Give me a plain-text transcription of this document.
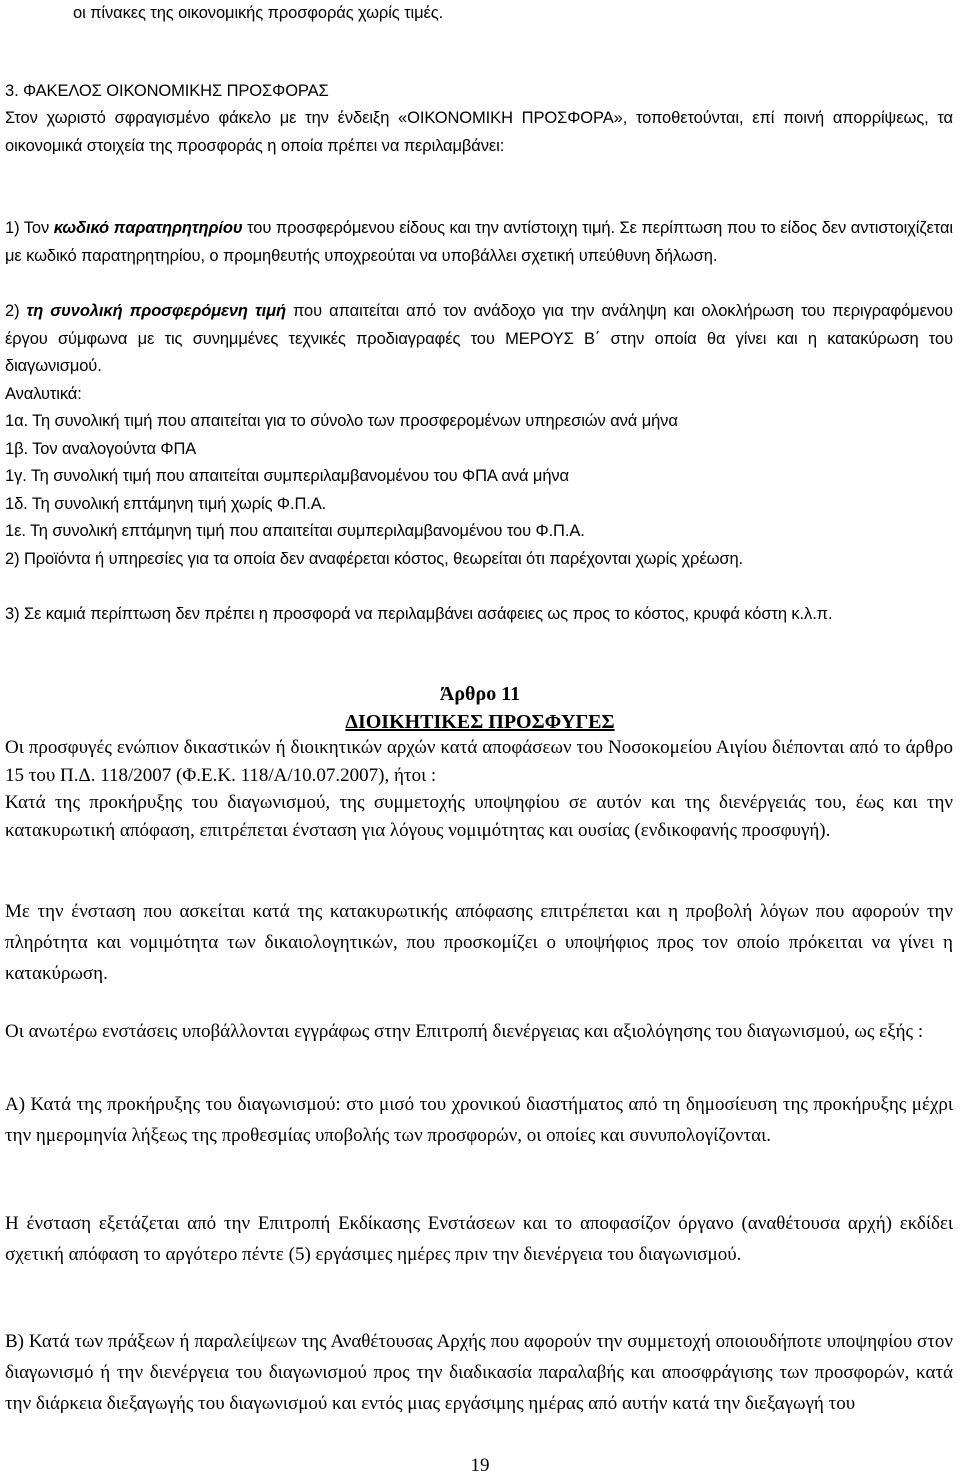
οι πίνακες της οικονομικής προσφοράς χωρίς τιμές.

3. ΦΑΚΕΛΟΣ ΟΙΚΟΝΟΜΙΚΗΣ ΠΡΟΣΦΟΡΑΣ

Στον χωριστό σφραγισμένο φάκελο με την ένδειξη «ΟΙΚΟΝΟΜΙΚΗ ΠΡΟΣΦΟΡΑ», τοποθετούνται, επί ποινή απορρίψεως, τα οικονομικά στοιχεία της προσφοράς η οποία πρέπει να περιλαμβάνει:

1) Τον κωδικό παρατηρητηρίου του προσφερόμενου είδους και την αντίστοιχη τιμή. Σε περίπτωση που το είδος δεν αντιστοιχίζεται με κωδικό παρατηρητηρίου, ο προμηθευτής υποχρεούται να υποβάλλει σχετική υπεύθυνη δήλωση.

2) τη συνολική προσφερόμενη τιμή που απαιτείται από τον ανάδοχο για την ανάληψη και ολοκλήρωση του περιγραφόμενου έργου σύμφωνα με τις συνημμένες τεχνικές προδιαγραφές του ΜΕΡΟΥΣ Β΄ στην οποία θα γίνει και η κατακύρωση του διαγωνισμού.

Αναλυτικά:

1α. Τη συνολική τιμή που απαιτείται για το σύνολο των προσφερομένων υπηρεσιών ανά μήνα
1β. Τον αναλογούντα ΦΠΑ
1γ. Τη συνολική τιμή που απαιτείται συμπεριλαμβανομένου του ΦΠΑ ανά μήνα
1δ. Τη συνολική επτάμηνη τιμή χωρίς Φ.Π.Α.
1ε. Τη συνολική επτάμηνη τιμή που απαιτείται συμπεριλαμβανομένου του Φ.Π.Α.

2) Προϊόντα ή υπηρεσίες για τα οποία δεν αναφέρεται κόστος, θεωρείται ότι παρέχονται χωρίς χρέωση.

3) Σε καμιά περίπτωση δεν πρέπει η προσφορά να περιλαμβάνει ασάφειες ως προς το κόστος, κρυφά κόστη κ.λ.π.

Άρθρο 11
ΔΙΟΙΚΗΤΙΚΕΣ ΠΡΟΣΦΥΓΕΣ

Οι προσφυγές ενώπιον δικαστικών ή διοικητικών αρχών κατά αποφάσεων του Νοσοκομείου Αιγίου διέπονται από το άρθρο 15 του Π.Δ. 118/2007 (Φ.Ε.Κ. 118/Α/10.07.2007), ήτοι :

Κατά της προκήρυξης του διαγωνισμού, της συμμετοχής υποψηφίου σε αυτόν και της διενέργειάς του, έως και την κατακυρωτική απόφαση, επιτρέπεται ένσταση για λόγους νομιμότητας και ουσίας (ενδικοφανής προσφυγή).

Με την ένσταση που ασκείται κατά της κατακυρωτικής απόφασης επιτρέπεται και η προβολή λόγων που αφορούν την πληρότητα και νομιμότητα των δικαιολογητικών, που προσκομίζει ο υποψήφιος προς τον οποίο πρόκειται να γίνει η κατακύρωση.

Οι ανωτέρω ενστάσεις υποβάλλονται εγγράφως στην Επιτροπή διενέργειας και αξιολόγησης του διαγωνισμού, ως εξής :

Α) Κατά της προκήρυξης του διαγωνισμού: στο μισό του χρονικού διαστήματος από τη δημοσίευση της προκήρυξης μέχρι την ημερομηνία λήξεως της προθεσμίας υποβολής των προσφορών, οι οποίες και συνυπολογίζονται.

Η ένσταση εξετάζεται από την Επιτροπή Εκδίκασης Ενστάσεων και το αποφασίζον όργανο (αναθέτουσα αρχή) εκδίδει σχετική απόφαση το αργότερο πέντε (5) εργάσιμες ημέρες πριν την διενέργεια του διαγωνισμού.

Β) Κατά των πράξεων ή παραλείψεων της Αναθέτουσας Αρχής που αφορούν την συμμετοχή οποιουδήποτε υποψηφίου στον διαγωνισμό ή την διενέργεια του διαγωνισμού προς την διαδικασία παραλαβής και αποσφράγισης των προσφορών, κατά την διάρκεια διεξαγωγής του διαγωνισμού και εντός μιας εργάσιμης ημέρας από αυτήν κατά την διεξαγωγή του

19
